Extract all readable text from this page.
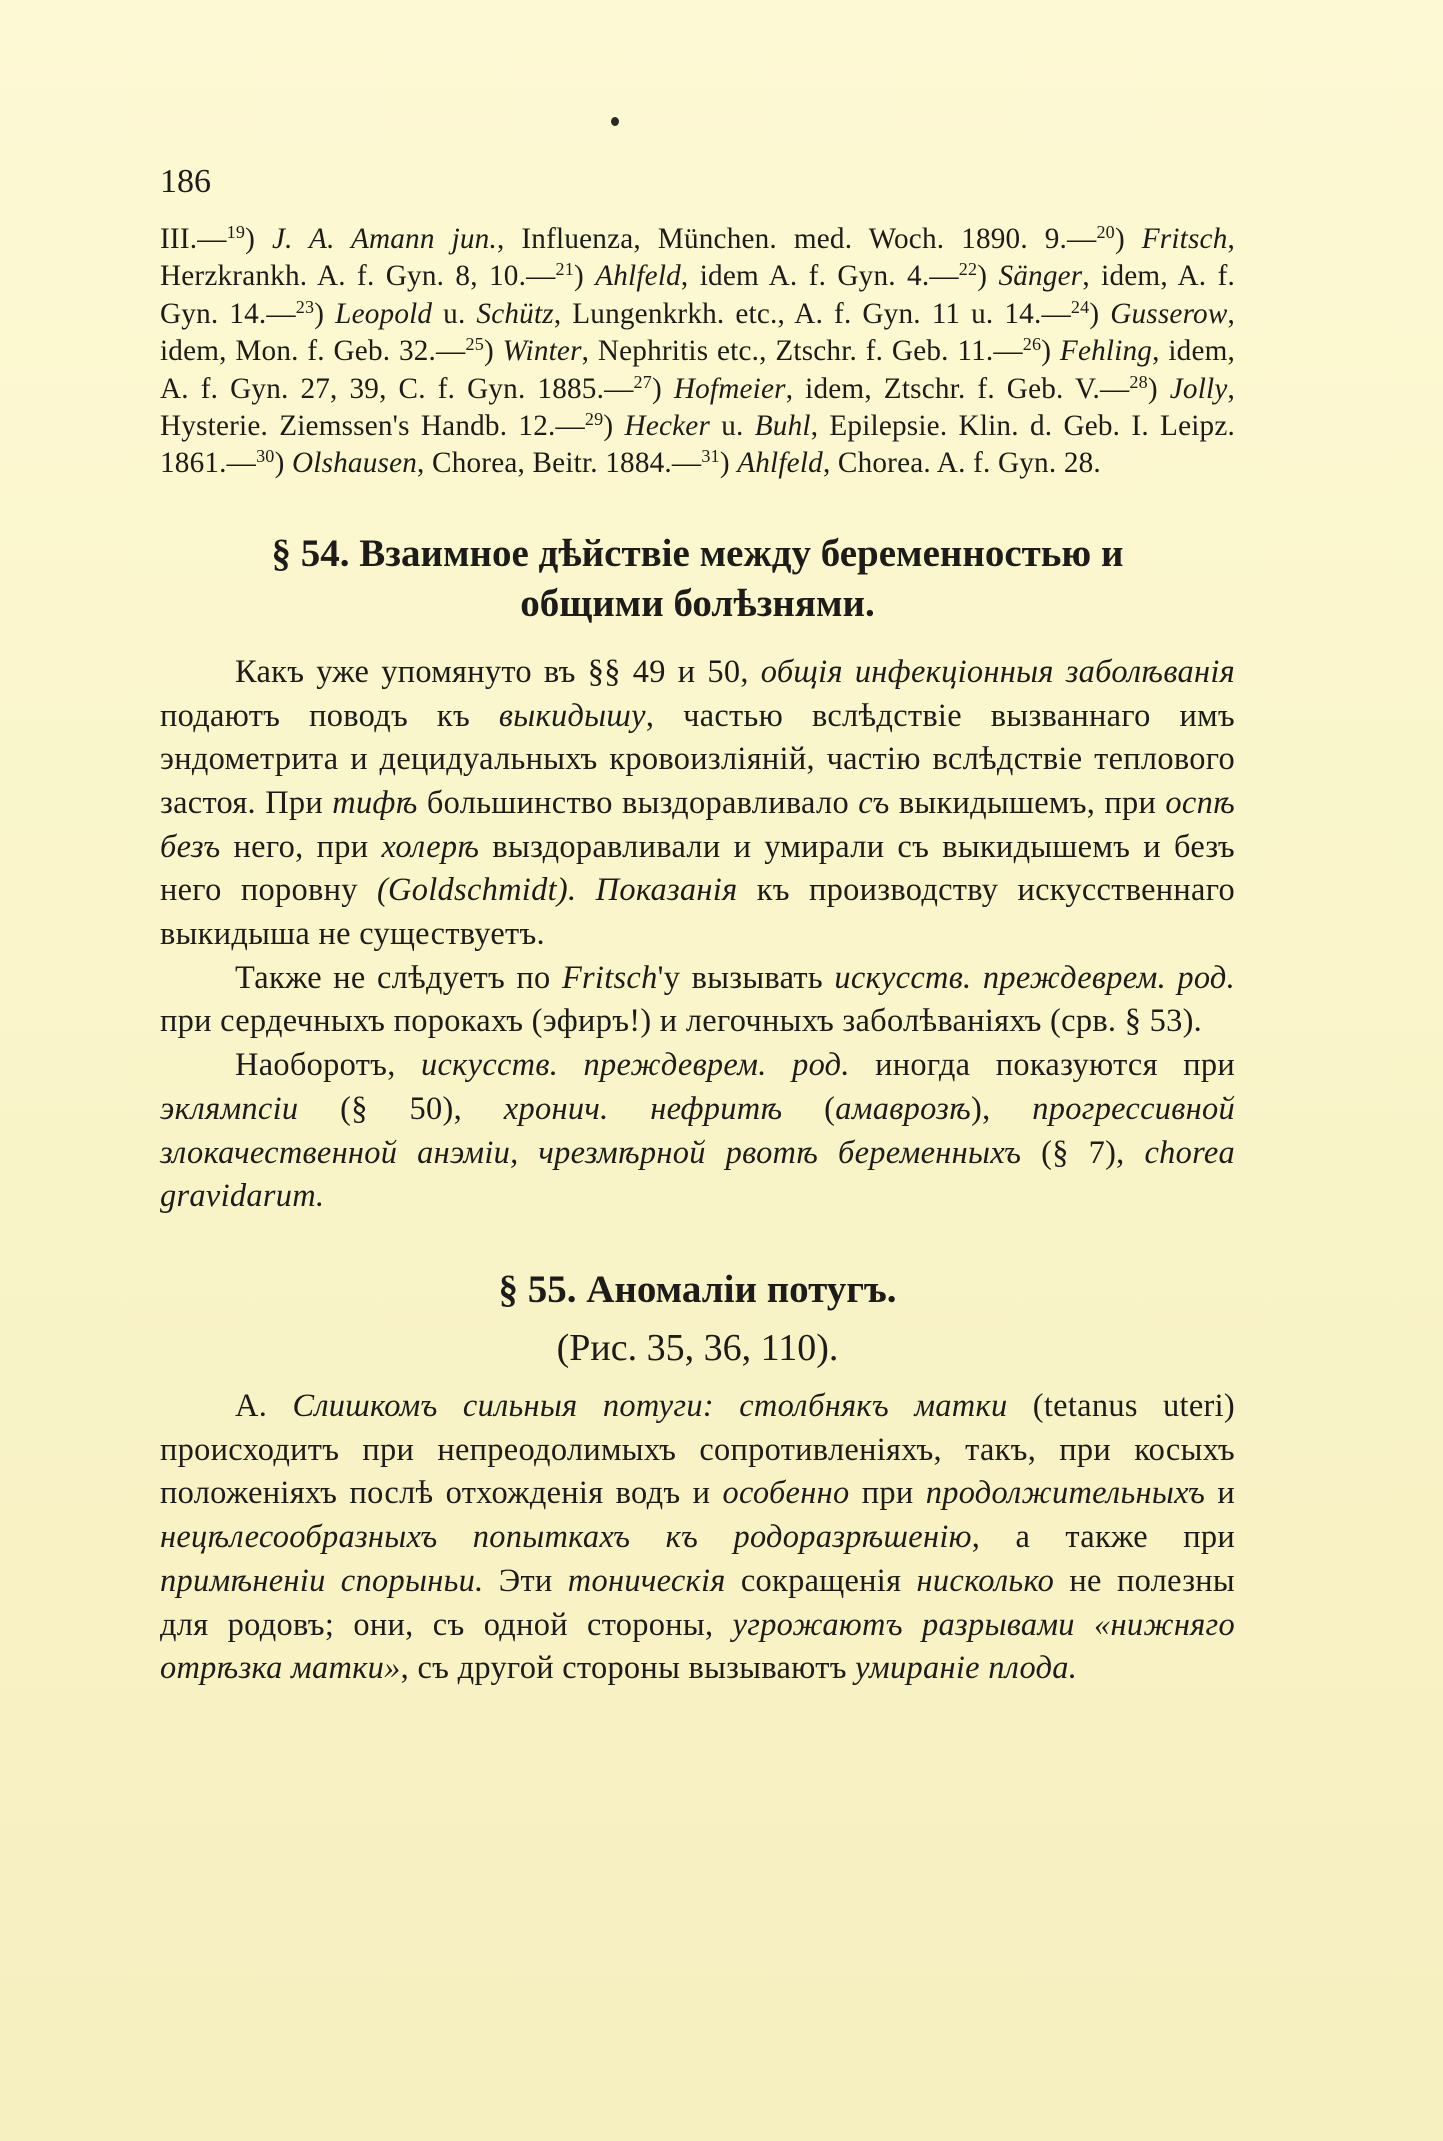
186

III.—$^{19}$) J. A. Amann jun., Influenza, München. med. Woch. 1890. 9.—$^{20}$) Fritsch, Herzkrankh. A. f. Gyn. 8, 10.—$^{21}$) Ahlfeld, idem A. f. Gyn. 4.—$^{22}$) Sänger, idem, A. f. Gyn. 14.—$^{23}$) Leopold u. Schütz, Lungenkrkh. etc., A. f. Gyn. 11 u. 14.—$^{24}$) Gusserow, idem, Mon. f. Geb. 32.—$^{25}$) Winter, Nephritis etc., Ztschr. f. Geb. 11.—$^{26}$) Fehling, idem, A. f. Gyn. 27, 39, C. f. Gyn. 1885.—$^{27}$) Hofmeier, idem, Ztschr. f. Geb. V.—$^{28}$) Jolly, Hysterie. Ziemssen's Handb. 12.—$^{29}$) Hecker u. Buhl, Epilepsie. Klin. d. Geb. I. Leipz. 1861.—$^{30}$) Olshausen, Chorea, Beitr. 1884.—$^{31}$) Ahlfeld, Chorea. A. f. Gyn. 28.

§ 54. Взаимное дѣйствіе между беременностью и
общими болѣзнями.

Какъ уже упомянуто въ §§ 49 и 50, общія инфекціонныя заболѣванія подаютъ поводъ къ выкидышу, частью вслѣдствіе вызваннаго имъ эндометрита и децидуальныхъ кровоизліяній, частію вслѣдствіе теплового застоя. При тифѣ большинство выздоравливало съ выкидышемъ, при оспѣ безъ него, при холерѣ выздоравливали и умирали съ выкидышемъ и безъ него поровну (Goldschmidt). Показанія къ производству искусственнаго выкидыша не существуетъ.

Также не слѣдуетъ по Fritsch'у вызывать искусств. преждеврем. род. при сердечныхъ порокахъ (эфиръ!) и легочныхъ заболѣваніяхъ (срв. § 53).

Наоборотъ, искусств. преждеврем. род. иногда показуются при эклямпсіи (§ 50), хронич. нефритѣ (амаврозѣ), прогрессивной злокачественной анэміи, чрезмѣрной рвотѣ беременныхъ (§ 7), chorea gravidarum.

§ 55. Аномаліи потугъ.
(Рис. 35, 36, 110).

A. Слишкомъ сильныя потуги: столбнякъ матки (tetanus uteri) происходитъ при непреодолимыхъ сопротивленіяхъ, такъ, при косыхъ положеніяхъ послѣ отхожденія водъ и особенно при продолжительныхъ и нецѣлесообразныхъ попыткахъ къ родоразрѣшенію, а также при примѣненіи спорыньи. Эти тоническія сокращенія нисколько не полезны для родовъ; они, съ одной стороны, угрожаютъ разрывами «нижняго отрѣзка матки», съ другой стороны вызываютъ умираніе плода.
